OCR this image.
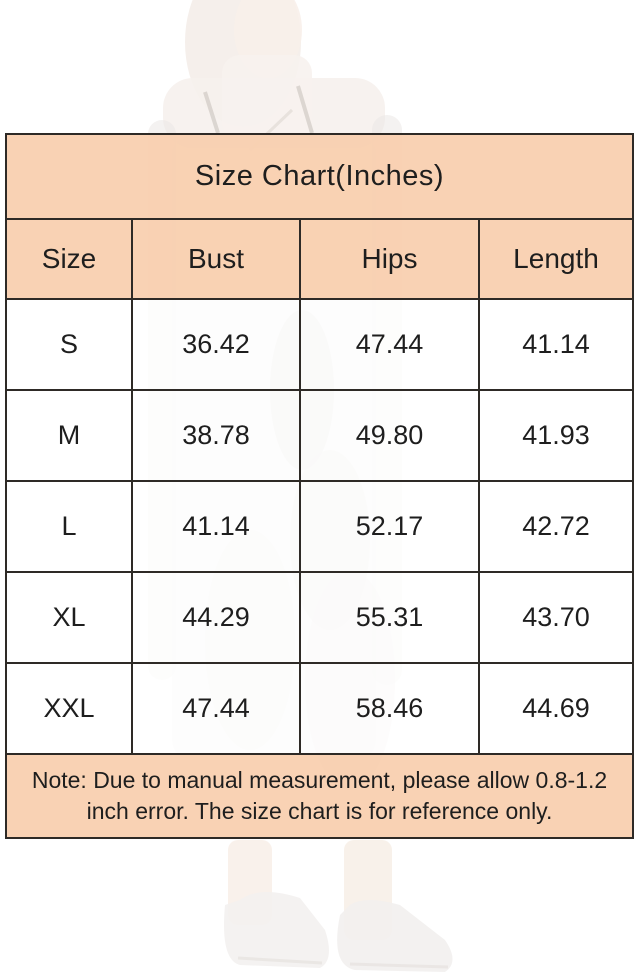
Size Chart(Inches)
Size	Bust	Hips	Length
S	36.42	47.44	41.14
M	38.78	49.80	41.93
L	41.14	52.17	42.72
XL	44.29	55.31	43.70
XXL	47.44	58.46	44.69
Note: Due to manual measurement, please allow 0.8-1.2 inch error. The size chart is for reference only.
